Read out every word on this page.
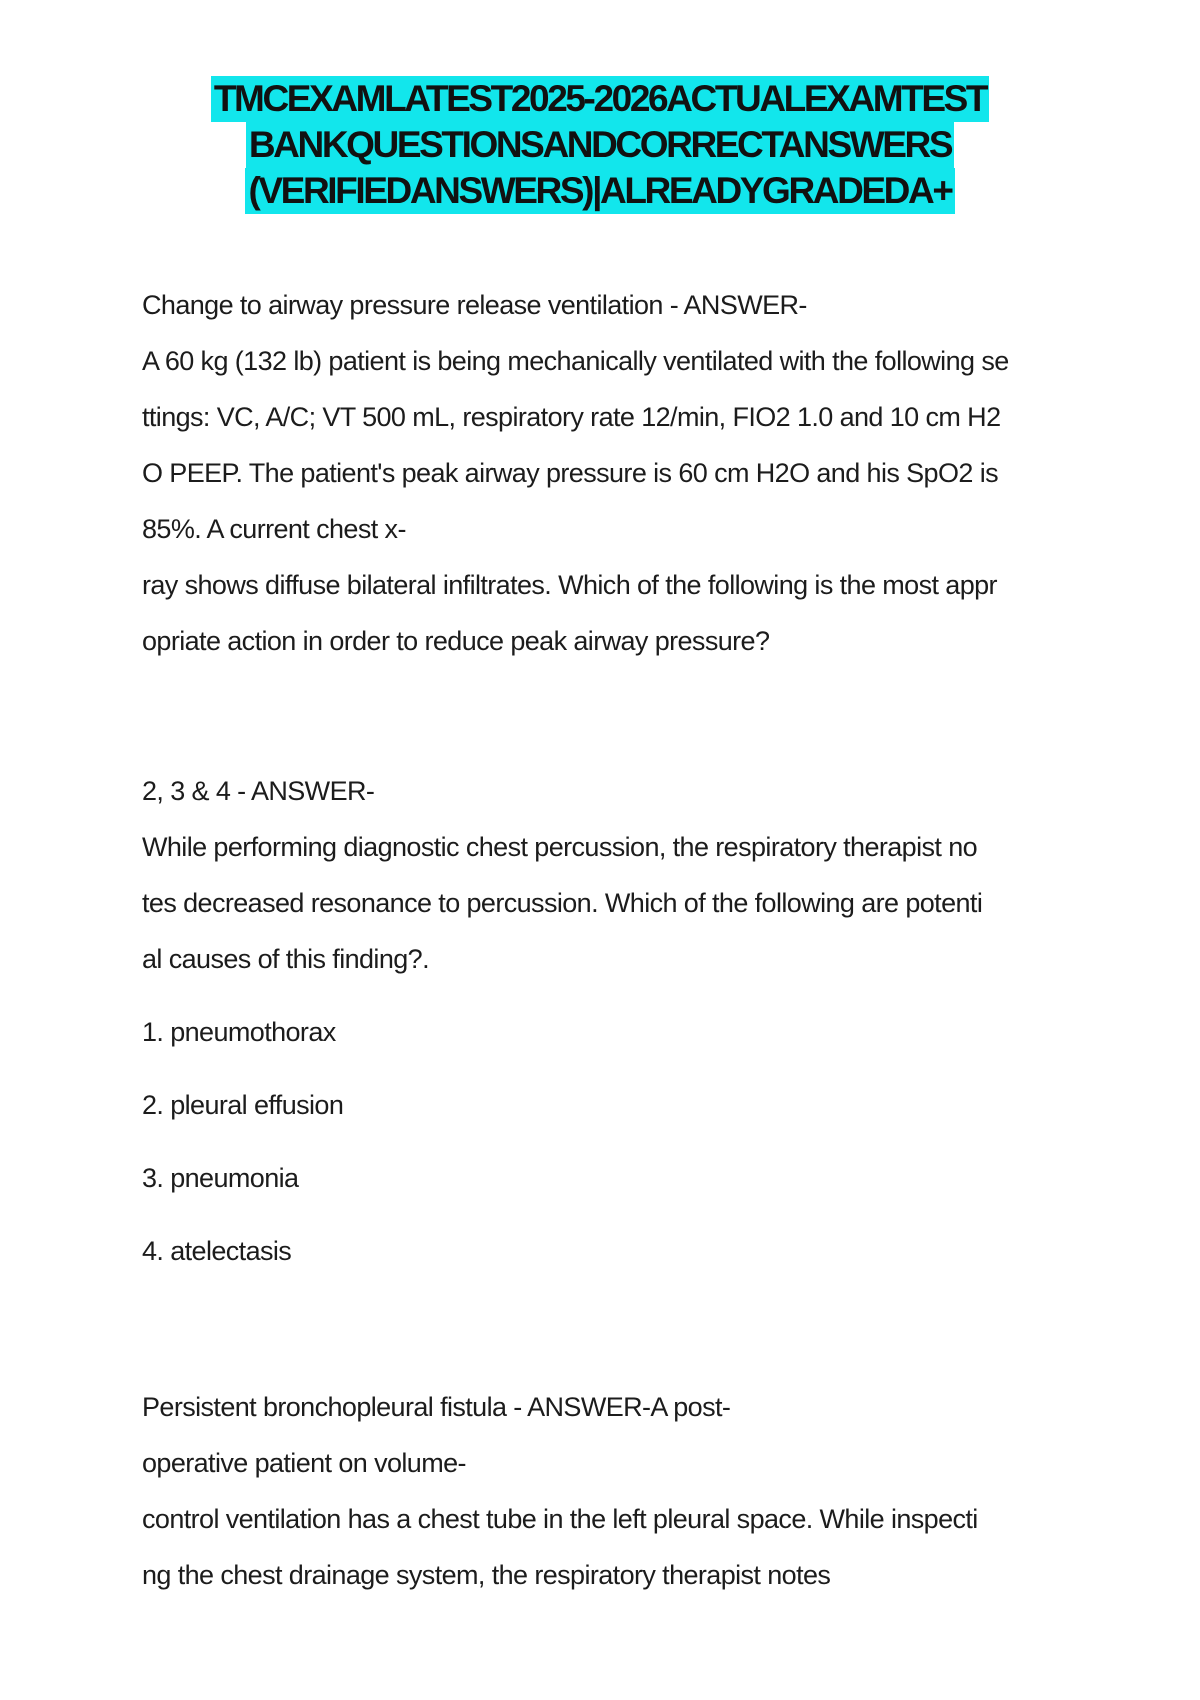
TMCEXAMLATEST2025-2026ACTUALEXAMTEST
BANKQUESTIONSANDCORRECTANSWERS
(VERIFIEDANSWERS)|ALREADYGRADEDA+
Change to airway pressure release ventilation - ANSWER-
A 60 kg (132 lb) patient is being mechanically ventilated with the following se
ttings: VC, A/C; VT 500 mL, respiratory rate 12/min, FIO2 1.0 and 10 cm H2
O PEEP. The patient's peak airway pressure is 60 cm H2O and his SpO2 is
85%. A current chest x-
ray shows diffuse bilateral infiltrates. Which of the following is the most appr
opriate action in order to reduce peak airway pressure?
2, 3 & 4 - ANSWER-
While performing diagnostic chest percussion, the respiratory therapist no
tes decreased resonance to percussion. Which of the following are potenti
al causes of this finding?.
1. pneumothorax
2. pleural effusion
3. pneumonia
4. atelectasis
Persistent bronchopleural fistula - ANSWER-A post-
operative patient on volume-
control ventilation has a chest tube in the left pleural space. While inspecti
ng the chest drainage system, the respiratory therapist notes
